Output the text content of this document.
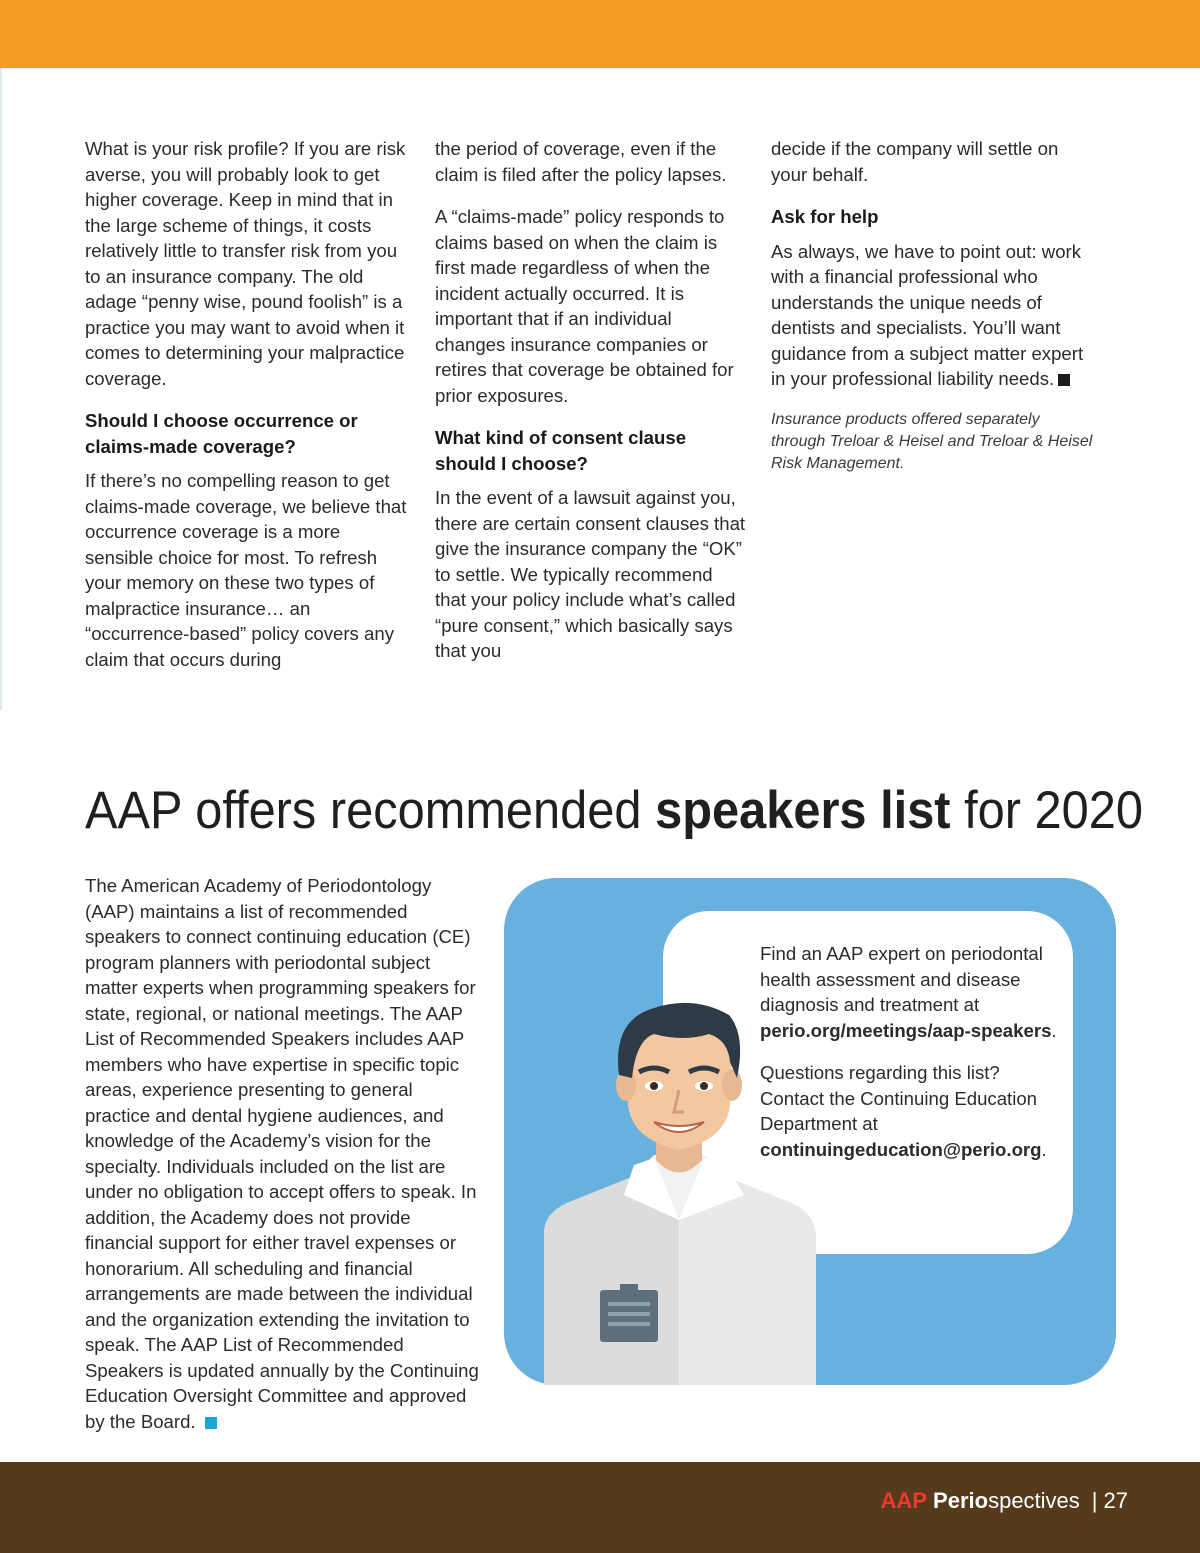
What is your risk profile? If you are risk averse, you will probably look to get higher coverage. Keep in mind that in the large scheme of things, it costs relatively little to transfer risk from you to an insurance company. The old adage “penny wise, pound foolish” is a practice you may want to avoid when it comes to determining your malpractice coverage.

Should I choose occurrence or claims-made coverage?

If there’s no compelling reason to get claims-made coverage, we believe that occurrence coverage is a more sensible choice for most. To refresh your memory on these two types of malpractice insurance… an “occurrence-based” policy covers any claim that occurs during

the period of coverage, even if the claim is filed after the policy lapses.

A “claims-made” policy responds to claims based on when the claim is first made regardless of when the incident actually occurred. It is important that if an individual changes insurance companies or retires that coverage be obtained for prior exposures.

What kind of consent clause should I choose?

In the event of a lawsuit against you, there are certain consent clauses that give the insurance company the “OK” to settle. We typically recommend that your policy include what’s called “pure consent,” which basically says that you

decide if the company will settle on your behalf.

Ask for help

As always, we have to point out: work with a financial professional who understands the unique needs of dentists and specialists. You’ll want guidance from a subject matter expert in your professional liability needs.

Insurance products offered separately through Treloar & Heisel and Treloar & Heisel Risk Management.

AAP offers recommended speakers list for 2020

The American Academy of Periodontology (AAP) maintains a list of recommended speakers to connect continuing education (CE) program planners with periodontal subject matter experts when programming speakers for state, regional, or national meetings. The AAP List of Recommended Speakers includes AAP members who have expertise in specific topic areas, experience presenting to general practice and dental hygiene audiences, and knowledge of the Academy’s vision for the specialty. Individuals included on the list are under no obligation to accept offers to speak. In addition, the Academy does not provide financial support for either travel expenses or honorarium. All scheduling and financial arrangements are made between the individual and the organization extending the invitation to speak. The AAP List of Recommended Speakers is updated annually by the Continuing Education Oversight Committee and approved by the Board.

Find an AAP expert on periodontal health assessment and disease diagnosis and treatment at perio.org/meetings/aap-speakers.

Questions regarding this list? Contact the Continuing Education Department at continuingeducation@perio.org.

AAP Periospectives | 27
